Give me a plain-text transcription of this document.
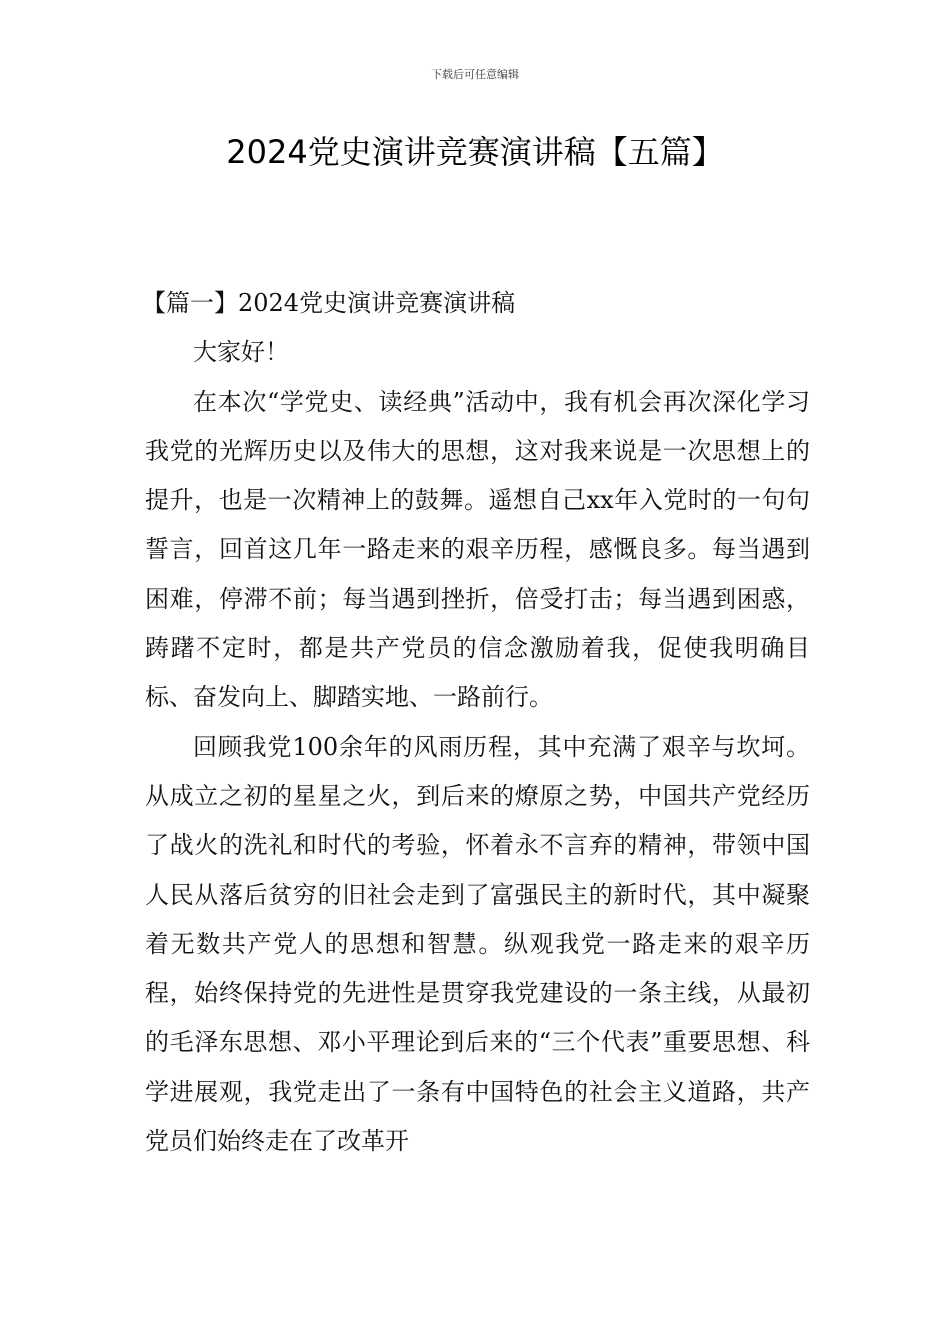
下载后可任意编辑
2024党史演讲竞赛演讲稿【五篇】

【篇一】2024党史演讲竞赛演讲稿

大家好！

在本次“学党史、读经典”活动中，我有机会再次深化学习我党的光辉历史以及伟大的思想，这对我来说是一次思想上的提升，也是一次精神上的鼓舞。遥想自己xx年入党时的一句句誓言，回首这几年一路走来的艰辛历程，感慨良多。每当遇到困难，停滞不前；每当遇到挫折，倍受打击；每当遇到困惑，踌躇不定时，都是共产党员的信念激励着我，促使我明确目标、奋发向上、脚踏实地、一路前行。

回顾我党100余年的风雨历程，其中充满了艰辛与坎坷。从成立之初的星星之火，到后来的燎原之势，中国共产党经历了战火的洗礼和时代的考验，怀着永不言弃的精神，带领中国人民从落后贫穷的旧社会走到了富强民主的新时代，其中凝聚着无数共产党人的思想和智慧。纵观我党一路走来的艰辛历程，始终保持党的先进性是贯穿我党建设的一条主线，从最初的毛泽东思想、邓小平理论到后来的“三个代表”重要思想、科学进展观，我党走出了一条有中国特色的社会主义道路，共产党员们始终走在了改革开
